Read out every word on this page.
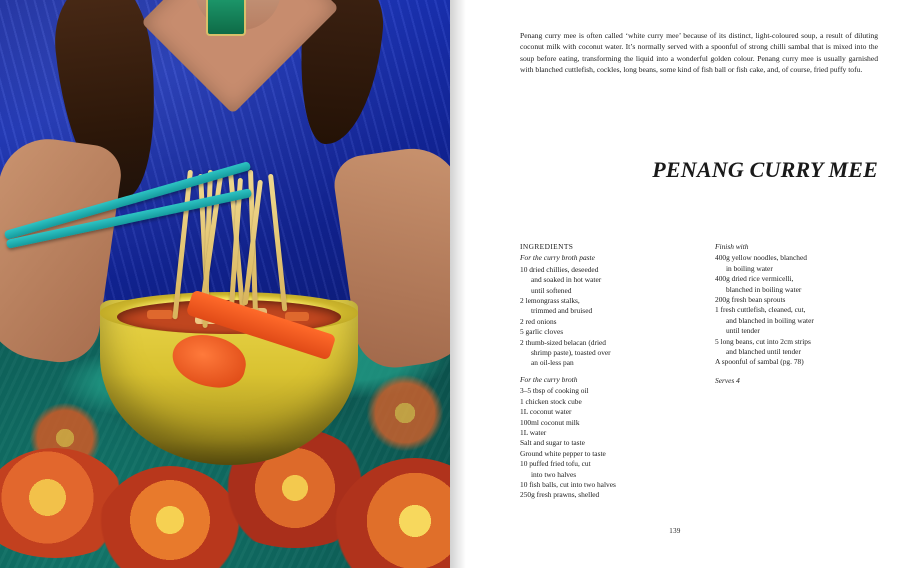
Penang curry mee is often called ‘white curry mee’ because of its distinct, light-coloured soup, a result of diluting coconut milk with coconut water. It’s normally served with a spoonful of strong chilli sambal that is mixed into the soup before eating, transforming the liquid into a wonderful golden colour. Penang curry mee is usually garnished with blanched cuttlefish, cockles, long beans, some kind of fish ball or fish cake, and, of course, fried puffy tofu.

PENANG CURRY MEE
INGREDIENTS
For the curry broth paste
10 dried chillies, deseeded
and soaked in hot water
until softened
2 lemongrass stalks,
trimmed and bruised
2 red onions
5 garlic cloves
2 thumb-sized belacan (dried
shrimp paste), toasted over
an oil-less pan
For the curry broth
3–5 tbsp of cooking oil
1 chicken stock cube
1L coconut water
100ml coconut milk
1L water
Salt and sugar to taste
Ground white pepper to taste
10 puffed fried tofu, cut
into two halves
10 fish balls, cut into two halves
250g fresh prawns, shelled
Finish with
400g yellow noodles, blanched
in boiling water
400g dried rice vermicelli,
blanched in boiling water
200g fresh bean sprouts
1 fresh cuttlefish, cleaned, cut,
and blanched in boiling water
until tender
5 long beans, cut into 2cm strips
and blanched until tender
A spoonful of sambal (pg. 78)
Serves 4
139
